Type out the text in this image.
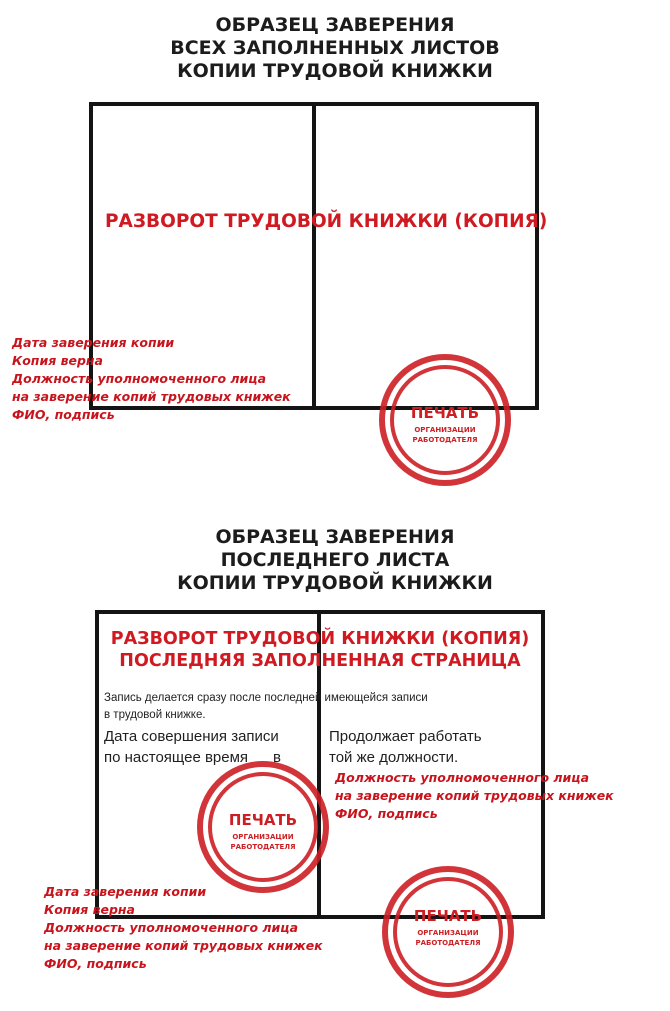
ОБРАЗЕЦ ЗАВЕРЕНИЯ
ВСЕХ ЗАПОЛНЕННЫХ ЛИСТОВ
КОПИИ ТРУДОВОЙ КНИЖКИ
РАЗВОРОТ ТРУДОВОЙ КНИЖКИ (КОПИЯ)
Дата заверения копии
Копия верна
Должность уполномоченного лица
на заверение копий трудовых книжек
ФИО, подпись	ПЕЧАТЬ
ОРГАНИЗАЦИИ
РАБОТОДАТЕЛЯ
ОБРАЗЕЦ ЗАВЕРЕНИЯ
ПОСЛЕДНЕГО ЛИСТА
КОПИИ ТРУДОВОЙ КНИЖКИ
РАЗВОРОТ ТРУДОВОЙ КНИЖКИ (КОПИЯ)
ПОСЛЕДНЯЯ ЗАПОЛНЕННАЯ СТРАНИЦА
Запись делается сразу после последней имеющейся записи
в трудовой книжке.
Дата совершения записи
по настоящее время      в
Продолжает работать
той же должности.
Должность уполномоченного лица
на заверение копий трудовых книжек
ФИО, подпись
ПЕЧАТЬ
ОРГАНИЗАЦИИ
РАБОТОДАТЕЛЯ
Дата заверения копии
Копия верна
Должность уполномоченного лица
на заверение копий трудовых книжек
ФИО, подпись
ПЕЧАТЬ
ОРГАНИЗАЦИИ
РАБОТОДАТЕЛЯ
